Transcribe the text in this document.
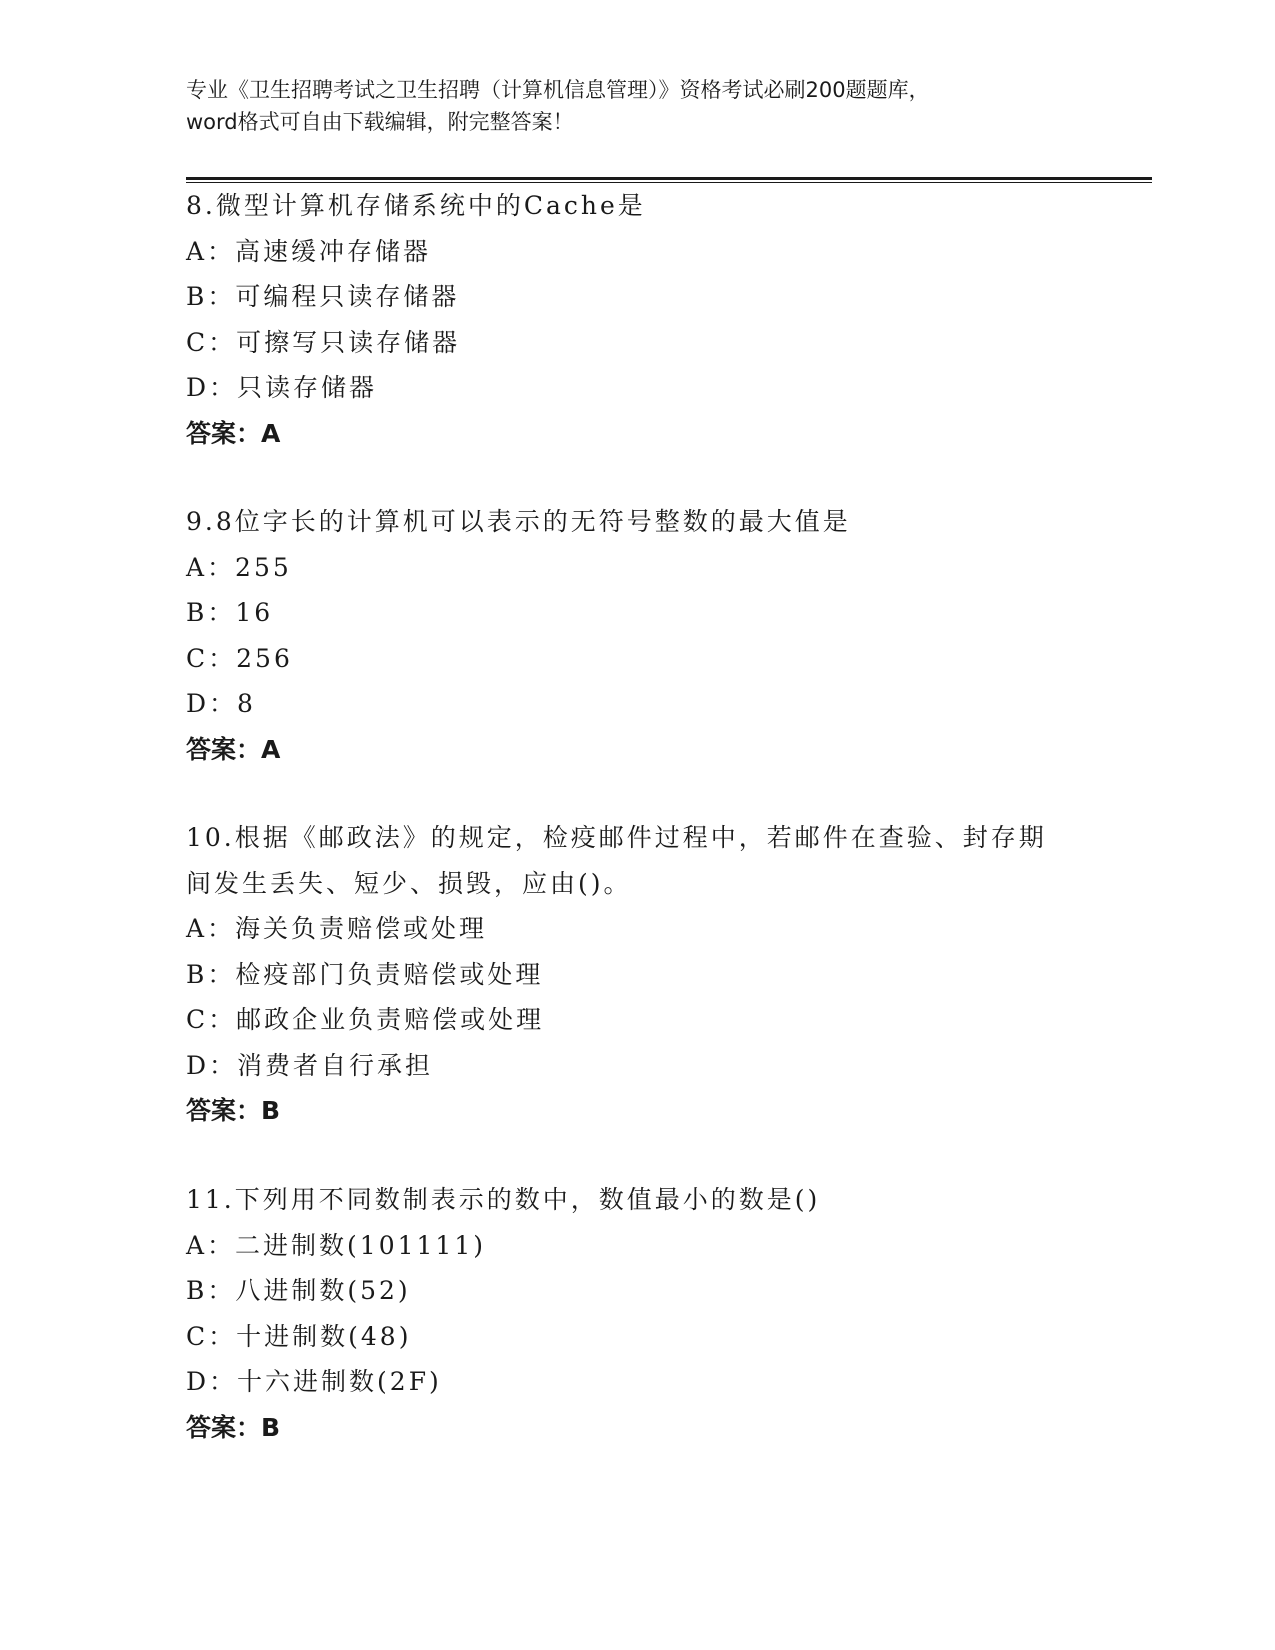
专业《卫生招聘考试之卫生招聘（计算机信息管理）》资格考试必刷200题题库，
word格式可自由下载编辑，附完整答案！
8.微型计算机存储系统中的Cache是
A：高速缓冲存储器
B：可编程只读存储器
C：可擦写只读存储器
D：只读存储器
答案：A
9.8位字长的计算机可以表示的无符号整数的最大值是
A：255
B：16
C：256
D：8
答案：A
10.根据《邮政法》的规定，检疫邮件过程中，若邮件在查验、封存期
间发生丢失、短少、损毁，应由()。
A：海关负责赔偿或处理
B：检疫部门负责赔偿或处理
C：邮政企业负责赔偿或处理
D：消费者自行承担
答案：B
11.下列用不同数制表示的数中，数值最小的数是()
A：二进制数(101111)
B：八进制数(52)
C：十进制数(48)
D：十六进制数(2F)
答案：B
